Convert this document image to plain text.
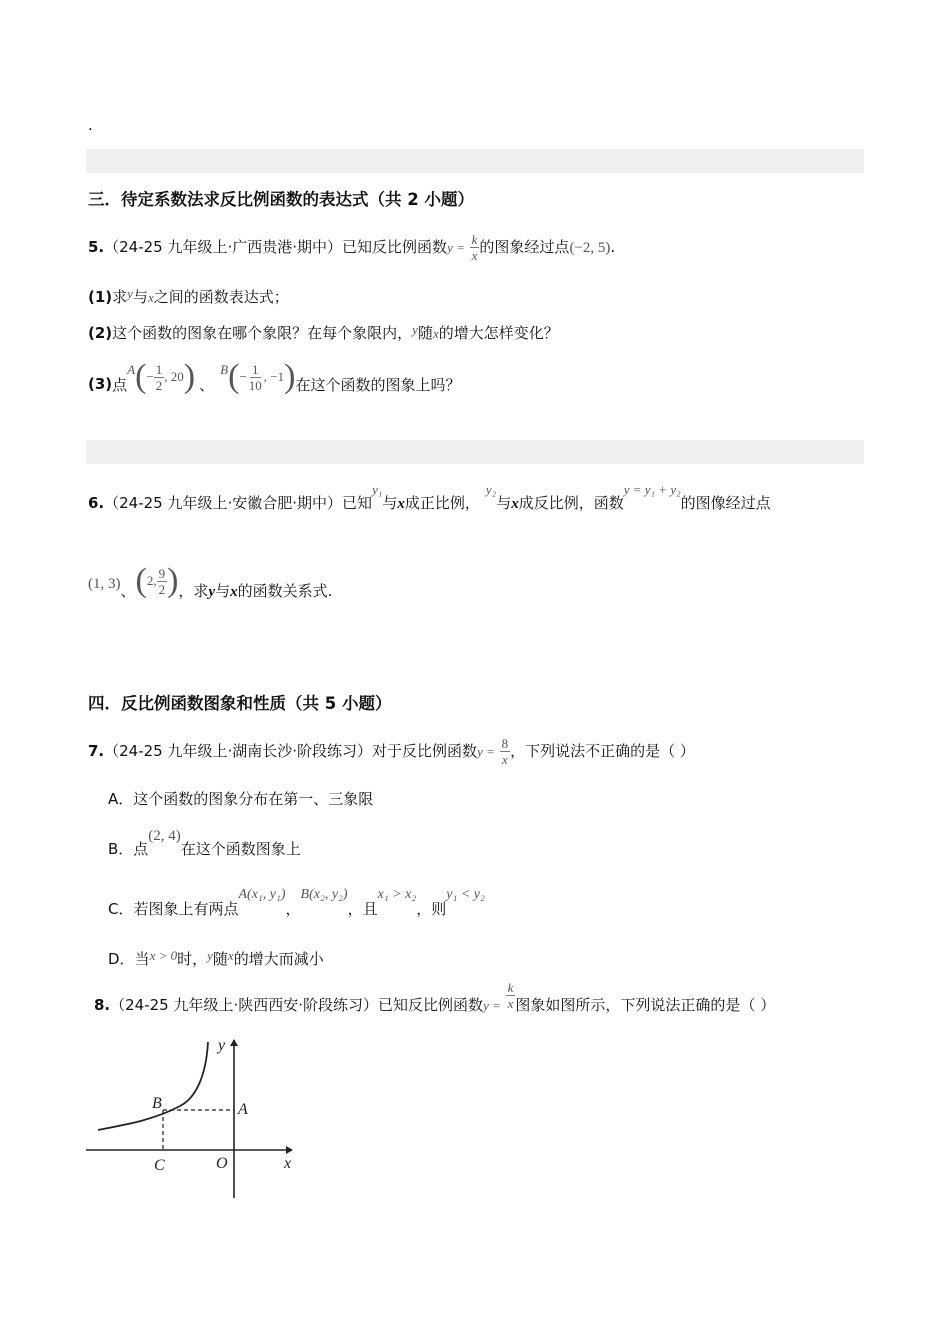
.
三．待定系数法求反比例函数的表达式（共 2 小题）
5.（24-25 九年级上·广西贵港·期中）已知反比例函数$y = \frac{k}{x}$ 的图象经过点(−2, 5).
(1)求y与x之间的函数表达式；
(2)这个函数的图象在哪个象限？在每个象限内，y随x的增大怎样变化？
(3) 点
A ( − $\frac{1}{2}$ , 20 ) 、
B ( − $\frac{1}{10}$ , −1 ) 在这个函数的图象上吗？
6.（24-25 九年级上·安徽合肥·期中）已知y₁与x成正比例，y₂与x成反比例，函数y = y₁ + y₂的图像经过点
(1, 3) 、 ( 2, $\frac{9}{2}$ ) ，求y与x的函数关系式.
四．反比例函数图象和性质（共 5 小题）
7.（24-25 九年级上·湖南长沙·阶段练习）对于反比例函数$y = \frac{8}{x}$ ，下列说法不正确的是（ ）
A．这个函数的图象分布在第一、三象限
B．点(2, 4)在这个函数图象上
C．若图象上有两点A(x₁, y₁)，B(x₂, y₂)，且x₁ > x₂，则y₁ < y₂
D．当x > 0时，y随x的增大而减小
8.（24-25 九年级上·陕西西安·阶段练习）已知反比例函数$y = \frac{k}{x}$ 图象如图所示，下列说法正确的是（ ）
y
x
O
A
B
C
